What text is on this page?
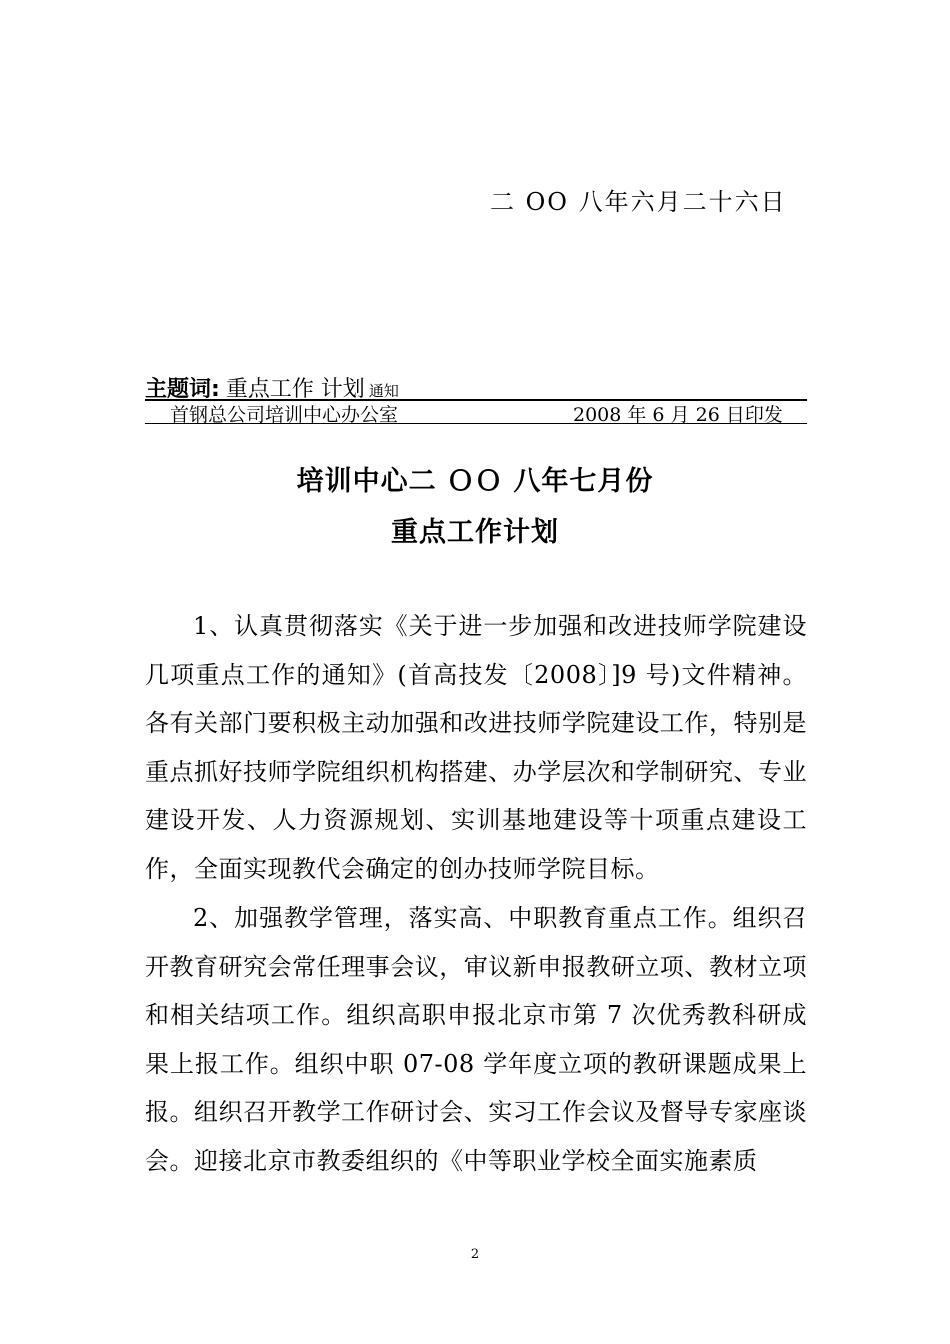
二 OO 八年六月二十六日
主题词: 重点工作 计划 通知
首钢总公司培训中心办公室	2008 年 6 月 26 日印发
培训中心二 ＯＯ 八年七月份
重点工作计划

1、认真贯彻落实《关于进一步加强和改进技师学院建设几项重点工作的通知》(首高技发〔2008〕]9 号)文件精神。各有关部门要积极主动加强和改进技师学院建设工作，特别是重点抓好技师学院组织机构搭建、办学层次和学制研究、专业建设开发、人力资源规划、实训基地建设等十项重点建设工作，全面实现教代会确定的创办技师学院目标。

2、加强教学管理，落实高、中职教育重点工作。组织召开教育研究会常任理事会议，审议新申报教研立项、教材立项和相关结项工作。组织高职申报北京市第 7 次优秀教科研成果上报工作。组织中职 07-08 学年度立项的教研课题成果上报。组织召开教学工作研讨会、实习工作会议及督导专家座谈会。迎接北京市教委组织的《中等职业学校全面实施素质

2
